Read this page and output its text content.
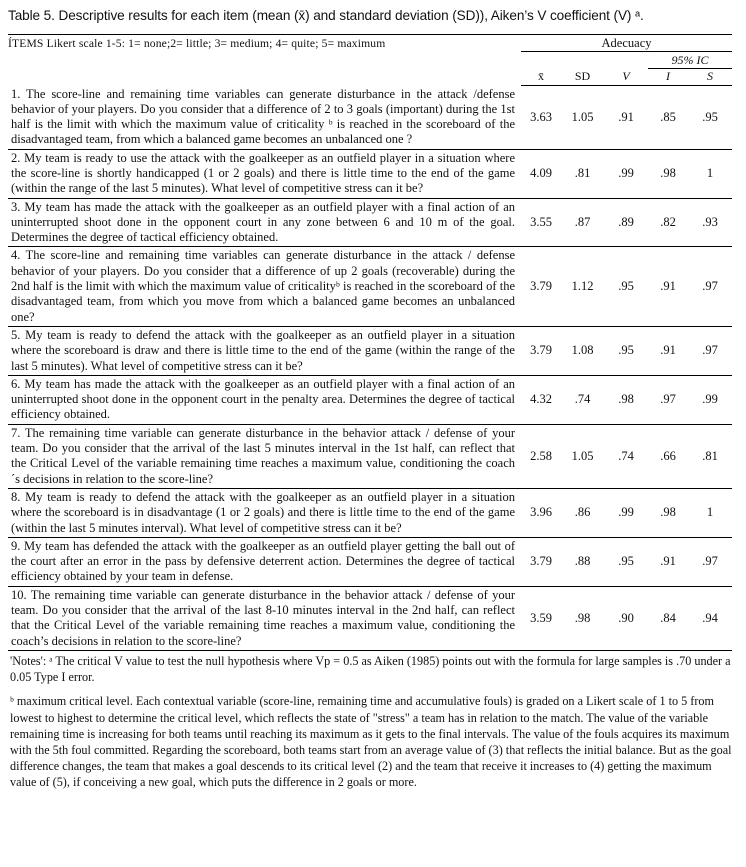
Table 5. Descriptive results for each item (mean (x̄) and standard deviation (SD)), Aiken’s V coefficient (V) ᵃ.
ÍTEMS Likert scale 1-5: 1= none;2= little; 3= medium; 4= quite; 5= maximum	Adecuacy				
				95% IC	
	x̄	SD	V	I	S
1. The score-line and remaining time variables can generate disturbance in the attack /defense behavior of your players. Do you consider that a difference of 2 to 3 goals (important) during the 1st half is the limit with which the maximum value of criticality ᵇ is reached in the scoreboard of the disadvantaged team, from which a balanced game becomes an unbalanced one ?	3.63	1.05	.91	.85	.95
2. My team is ready to use the attack with the goalkeeper as an outfield player in a situation where the score-line is shortly handicapped (1 or 2 goals) and there is little time to the end of the game (within the range of the last 5 minutes). What level of competitive stress can it be?	4.09	.81	.99	.98	1
3. My team has made the attack with the goalkeeper as an outfield player with a final action of an uninterrupted shoot done in the opponent court in any zone between 6 and 10 m of the goal. Determines the degree of tactical efficiency obtained.	3.55	.87	.89	.82	.93
4. The score-line and remaining time variables can generate disturbance in the attack / defense behavior of your players. Do you consider that a difference of up 2 goals (recoverable) during the 2nd half is the limit with which the maximum value of criticalityᵇ is reached in the scoreboard of the disadvantaged team, from which you move from which a balanced game becomes an unbalanced one?	3.79	1.12	.95	.91	.97
5. My team is ready to defend the attack with the goalkeeper as an outfield player in a situation where the scoreboard is draw and there is little time to the end of the game (within the range of the last 5 minutes). What level of competitive stress can it be?	3.79	1.08	.95	.91	.97
6. My team has made the attack with the goalkeeper as an outfield player with a final action of an uninterrupted shoot done in the opponent court in the penalty area. Determines the degree of tactical efficiency obtained.	4.32	.74	.98	.97	.99
7. The remaining time variable can generate disturbance in the behavior attack / defense of your team. Do you consider that the arrival of the last 5 minutes interval in the 1st half, can reflect that the Critical Level of the variable remaining time reaches a maximum value, conditioning the coach´s decisions in relation to the score-line?	2.58	1.05	.74	.66	.81
8. My team is ready to defend the attack with the goalkeeper as an outfield player in a situation where the scoreboard is in disadvantage (1 or 2 goals) and there is little time to the end of the game (within the last 5 minutes interval). What level of competitive stress can it be?	3.96	.86	.99	.98	1
9. My team has defended the attack with the goalkeeper as an outfield player getting the ball out of the court after an error in the pass by defensive deterrent action. Determines the degree of tactical efficiency obtained by your team in defense.	3.79	.88	.95	.91	.97
10. The remaining time variable can generate disturbance in the behavior attack / defense of your team. Do you consider that the arrival of the last 8-10 minutes interval in the 2nd half, can reflect that the Critical Level of the variable remaining time reaches a maximum value, conditioning the coach’s decisions in relation to the score-line?	3.59	.98	.90	.84	.94

'Notes': ᵃ The critical V value to test the null hypothesis where Vp = 0.5 as Aiken (1985) points out with the formula for large samples is .70 under a 0.05 Type I error.

ᵇ maximum critical level. Each contextual variable (score-line, remaining time and accumulative fouls) is graded on a Likert scale of 1 to 5 from lowest to highest to determine the critical level, which reflects the state of "stress" a team has in relation to the match. The value of the variable remaining time is increasing for both teams until reaching its maximum as it gets to the final intervals. The value of the fouls acquires its maximum with the 5th foul committed. Regarding the scoreboard, both teams start from an average value of (3) that reflects the initial balance. But as the goal difference changes, the team that makes a goal descends to its critical level (2) and the team that receive it increases to (4) getting the maximum value of (5), if conceiving a new goal, which puts the difference in 2 goals or more.
